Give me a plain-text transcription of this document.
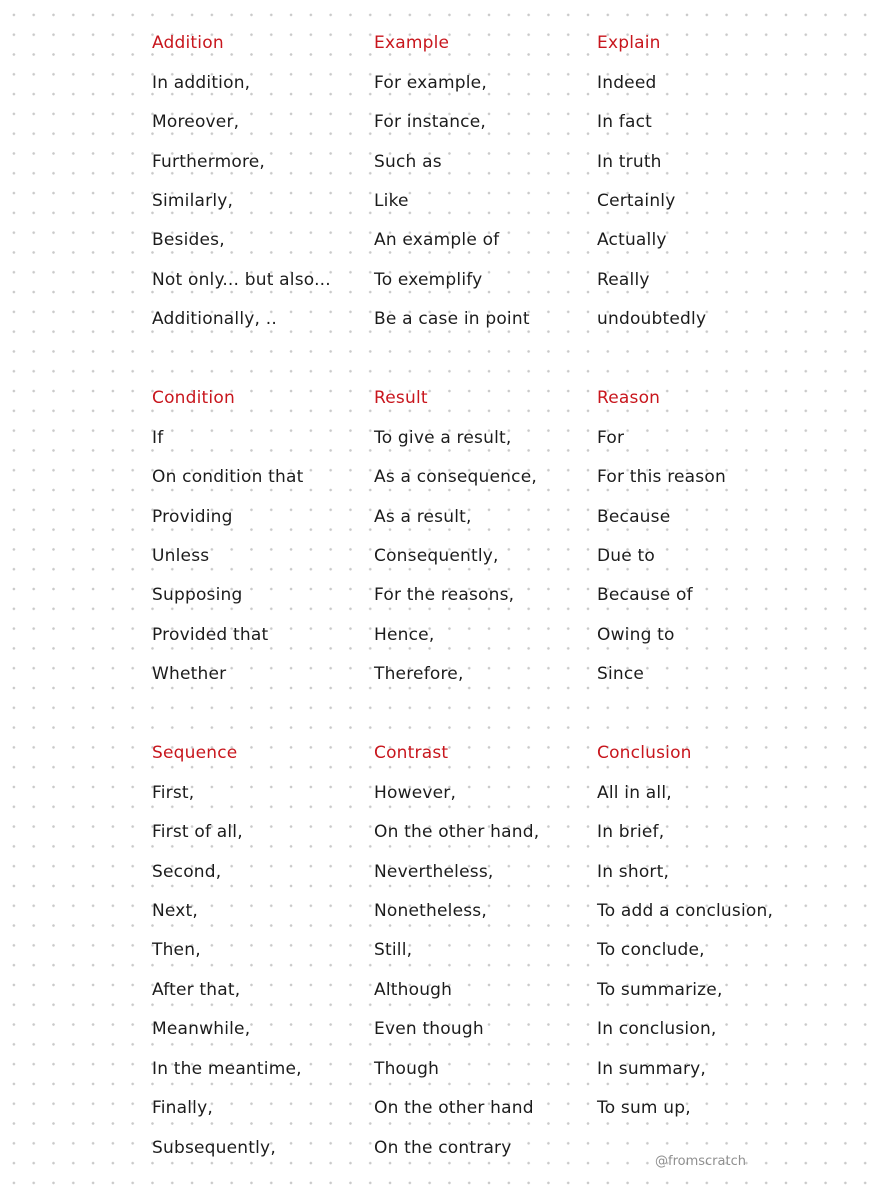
Addition
In addition,
Moreover,
Furthermore,
Similarly,
Besides,
Not only... but also...
Additionally, ..
Example
For example,
For instance,
Such as
Like
An example of
To exemplify
Be a case in point
Explain
Indeed
In fact
In truth
Certainly
Actually
Really
undoubtedly
Condition
If
On condition that
Providing
Unless
Supposing
Provided that
Whether
Result
To give a result,
As a consequence,
As a result,
Consequently,
For the reasons,
Hence,
Therefore,
Reason
For
For this reason
Because
Due to
Because of
Owing to
Since
Sequence
First,
First of all,
Second,
Next,
Then,
After that,
Meanwhile,
In the meantime,
Finally,
Subsequently,
Contrast
However,
On the other hand,
Nevertheless,
Nonetheless,
Still,
Although
Even though
Though
On the other hand
On the contrary
Conclusion
All in all,
In brief,
In short,
To add a conclusion,
To conclude,
To summarize,
In conclusion,
In summary,
To sum up,
@fromscratch
